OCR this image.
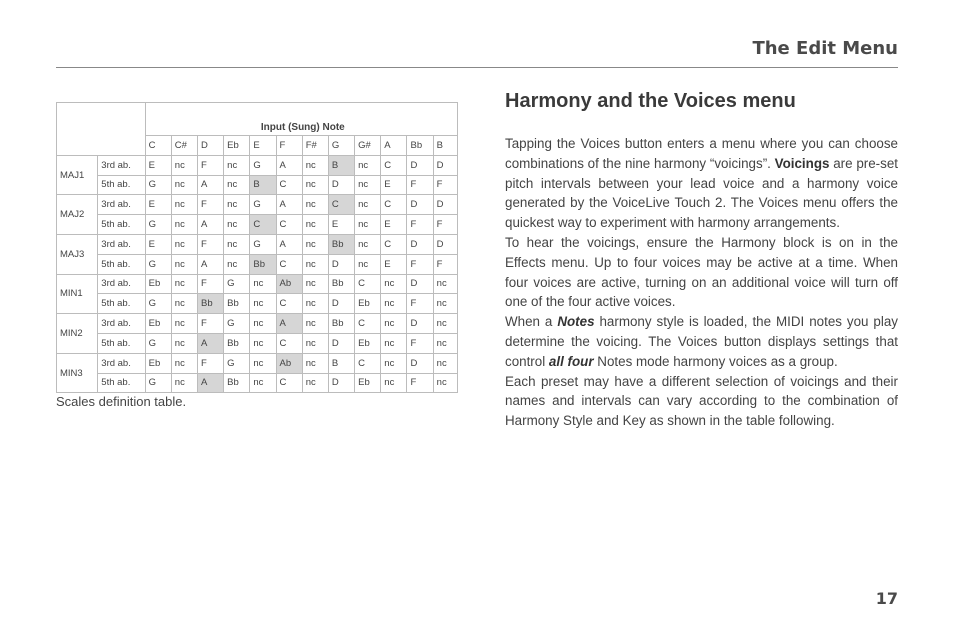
The Edit Menu
		Input (Sung) Note											
		C	C#	D	Eb	E	F	F#	G	G#	A	Bb	B
MAJ1	3rd ab.	E	nc	F	nc	G	A	nc	B	nc	C	D	D
	5th ab.	G	nc	A	nc	B	C	nc	D	nc	E	F	F
MAJ2	3rd ab.	E	nc	F	nc	G	A	nc	C	nc	C	D	D
	5th ab.	G	nc	A	nc	C	C	nc	E	nc	E	F	F
MAJ3	3rd ab.	E	nc	F	nc	G	A	nc	Bb	nc	C	D	D
	5th ab.	G	nc	A	nc	Bb	C	nc	D	nc	E	F	F
MIN1	3rd ab.	Eb	nc	F	G	nc	Ab	nc	Bb	C	nc	D	nc
	5th ab.	G	nc	Bb	Bb	nc	C	nc	D	Eb	nc	F	nc
MIN2	3rd ab.	Eb	nc	F	G	nc	A	nc	Bb	C	nc	D	nc
	5th ab.	G	nc	A	Bb	nc	C	nc	D	Eb	nc	F	nc
MIN3	3rd ab.	Eb	nc	F	G	nc	Ab	nc	B	C	nc	D	nc
	5th ab.	G	nc	A	Bb	nc	C	nc	D	Eb	nc	F	nc
Scales definition table.
Harmony and the Voices menu

Tapping the Voices button enters a menu where you can choose combinations of the nine harmony “voicings”. Voicings are pre-set pitch intervals between your lead voice and a harmony voice generated by the VoiceLive Touch 2. The Voices menu offers the quickest way to experiment with harmony arrangements.

To hear the voicings, ensure the Harmony block is on in the Effects menu. Up to four voices may be active at a time. When four voices are active, turning on an additional voice will turn off one of the four active voices.

When a Notes harmony style is loaded, the MIDI notes you play determine the voicing. The Voices button displays settings that control all four Notes mode harmony voices as a group.

Each preset may have a different selection of voicings and their names and intervals can vary according to the combination of Harmony Style and Key as shown in the table following.

17
